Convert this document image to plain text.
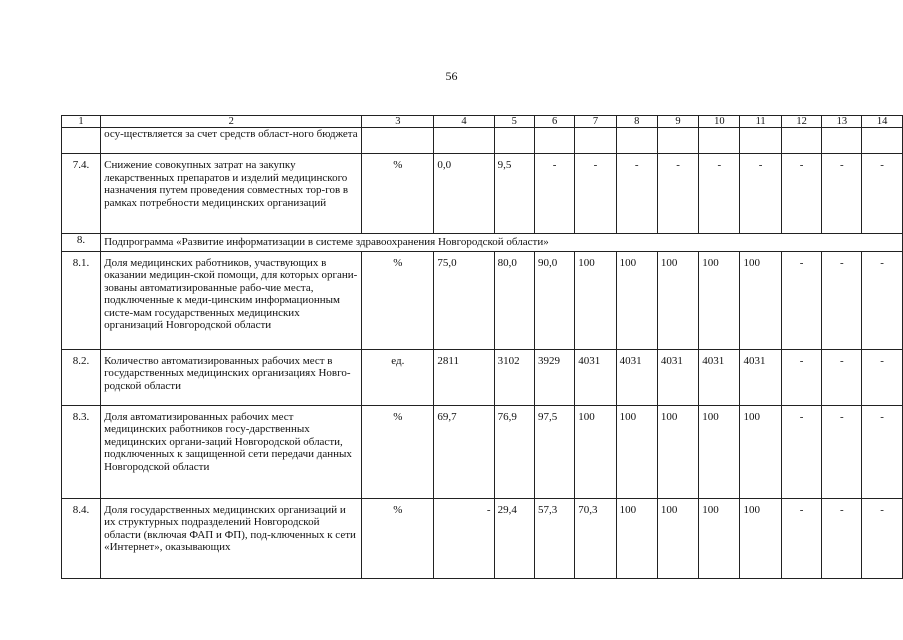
56
1	2	3	4	5	6	7	8	9	10	11	12	13	14
	осу-ществляется за счет средств облаcт-ного бюджета												
7.4.	Снижение совокупных затрат на закупку лекарственных препаратов и изделий медицинского назначения путем проведения совместных тор-гов в рамках потребности медицинских организаций	%	0,0	9,5	-	-	-	-	-	-	-	-	-
8.	Подпрограмма «Развитие информатизации в системе здравоохранения Новгородской области»												
8.1.	Доля медицинских работников, участвующих в оказании медицин-ской помощи, для которых органи-зованы автоматизированные рабо-чие места, подключенные к меди-цинским информационным систе-мам государственных медицинских организаций Новгородской области	%	75,0	80,0	90,0	100	100	100	100	100	-	-	-
8.2.	Количество автоматизированных рабочих мест в государственных медицинских организациях Новго-родской области	ед.	2811	3102	3929	4031	4031	4031	4031	4031	-	-	-
8.3.	Доля автоматизированных рабочих мест медицинских работников госу-дарственных медицинских органи-заций Новгородской области, подключенных к защищенной сети передачи данных Новгородской области	%	69,7	76,9	97,5	100	100	100	100	100	-	-	-
8.4.	Доля государственных медицинских организаций и их структурных подразделений Новгородской области (включая ФАП и ФП), под-ключенных к сети «Интернет», оказывающих	%	-	29,4	57,3	70,3	100	100	100	100	-	-	-
